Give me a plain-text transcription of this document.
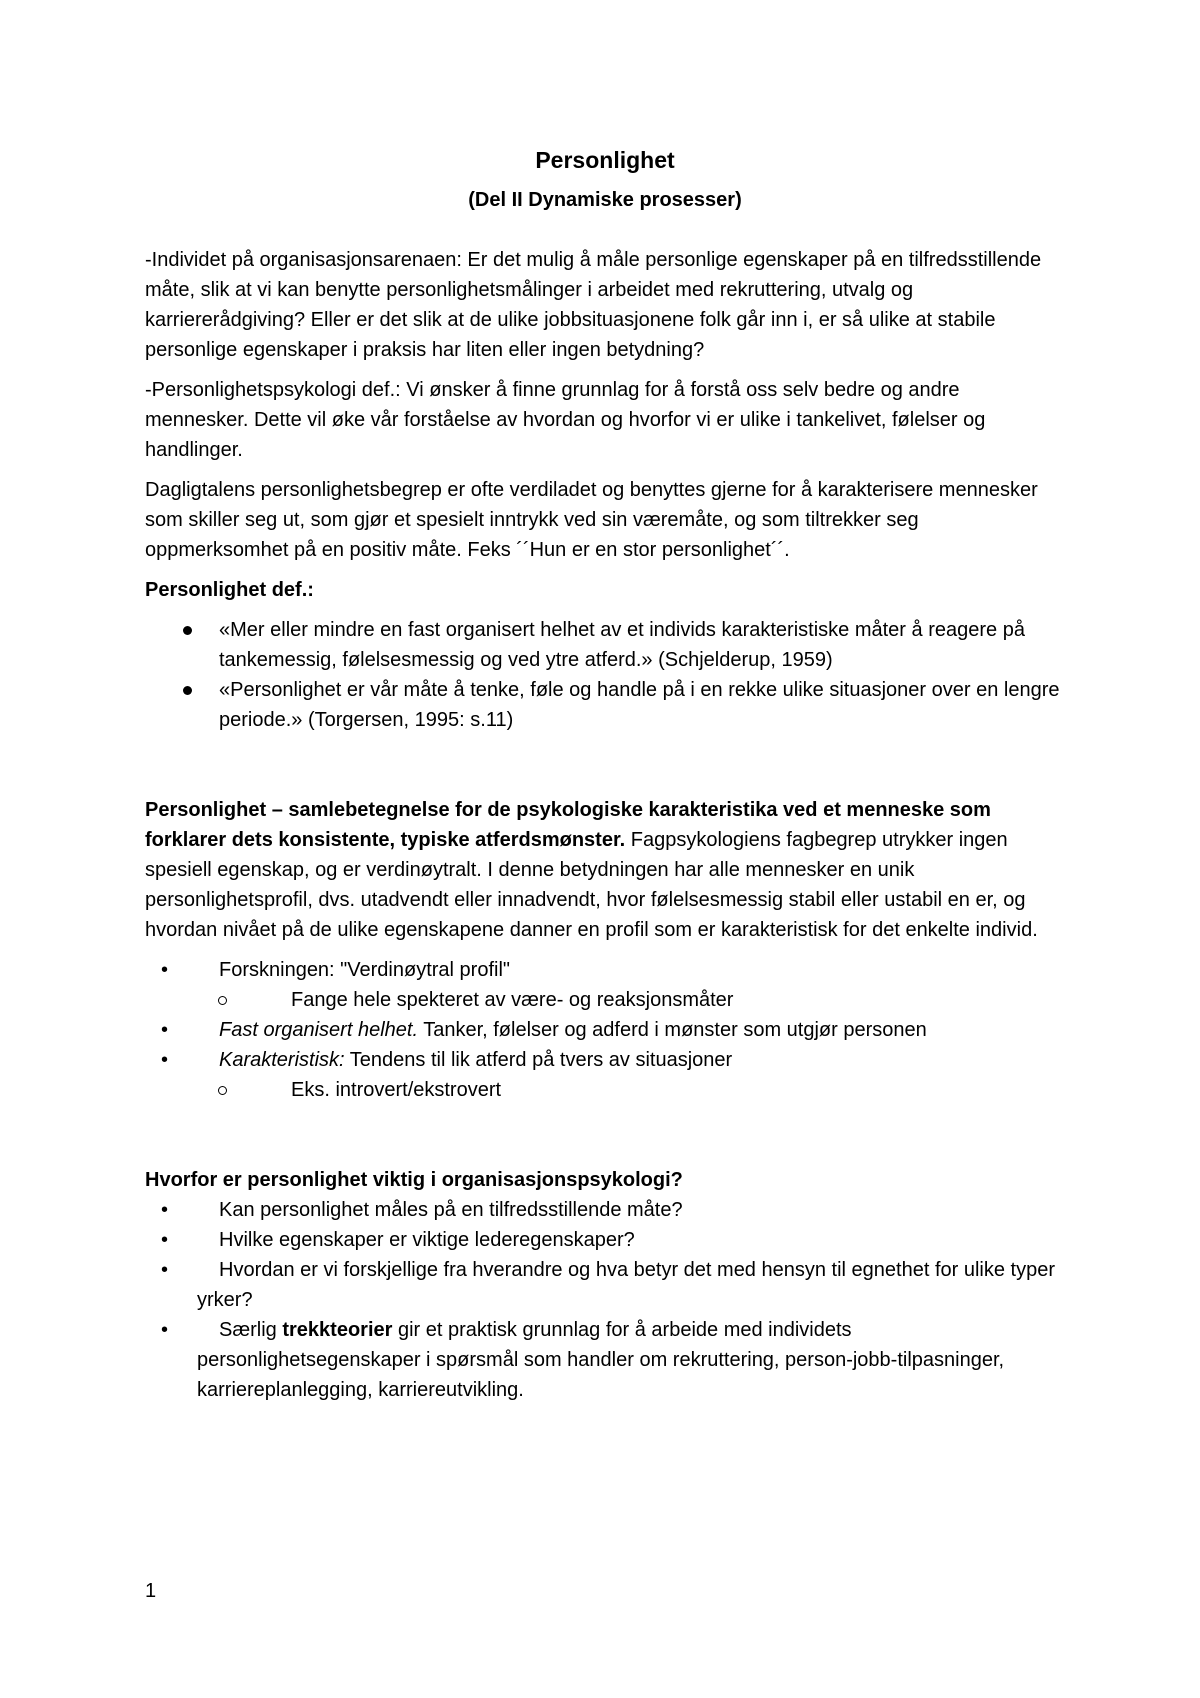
Personlighet

(Del II Dynamiske prosesser)

-Individet på organisasjonsarenaen: Er det mulig å måle personlige egenskaper på en tilfredsstillende måte, slik at vi kan benytte personlighetsmålinger i arbeidet med rekruttering, utvalg og karriererådgiving? Eller er det slik at de ulike jobbsituasjonene folk går inn i, er så ulike at stabile personlige egenskaper i praksis har liten eller ingen betydning?

-Personlighetspsykologi def.: Vi ønsker å finne grunnlag for å forstå oss selv bedre og andre mennesker. Dette vil øke vår forståelse av hvordan og hvorfor vi er ulike i tankelivet, følelser og handlinger.

Dagligtalens personlighetsbegrep er ofte verdiladet og benyttes gjerne for å karakterisere mennesker som skiller seg ut, som gjør et spesielt inntrykk ved sin væremåte, og som tiltrekker seg oppmerksomhet på en positiv måte. Feks ´´Hun er en stor personlighet´´.

Personlighet def.:

«Mer eller mindre en fast organisert helhet av et individs karakteristiske måter å reagere på tankemessig, følelsesmessig og ved ytre atferd.» (Schjelderup, 1959)
«Personlighet er vår måte å tenke, føle og handle på i en rekke ulike situasjoner over en lengre periode.» (Torgersen, 1995: s.11)

Personlighet – samlebetegnelse for de psykologiske karakteristika ved et menneske som forklarer dets konsistente, typiske atferdsmønster. Fagpsykologiens fagbegrep utrykker ingen spesiell egenskap, og er verdinøytralt. I denne betydningen har alle mennesker en unik personlighetsprofil, dvs. utadvendt eller innadvendt, hvor følelsesmessig stabil eller ustabil en er, og hvordan nivået på de ulike egenskapene danner en profil som er karakteristisk for det enkelte individ.

•	Forskningen: "Verdinøytral profil"
Fange hele spekteret av være- og reaksjonsmåter
•	Fast organisert helhet. Tanker, følelser og adferd i mønster som utgjør personen
•	Karakteristisk: Tendens til lik atferd på tvers av situasjoner
Eks. introvert/ekstrovert

Hvorfor er personlighet viktig i organisasjonspsykologi?

•	Kan personlighet måles på en tilfredsstillende måte?
•	Hvilke egenskaper er viktige lederegenskaper?
•	Hvordan er vi forskjellige fra hverandre og hva betyr det med hensyn til egnethet for ulike typer yrker?
•	Særlig trekkteorier gir et praktisk grunnlag for å arbeide med individets personlighetsegenskaper i spørsmål som handler om rekruttering, person-jobb-tilpasninger, karriereplanlegging, karriereutvikling.
1
